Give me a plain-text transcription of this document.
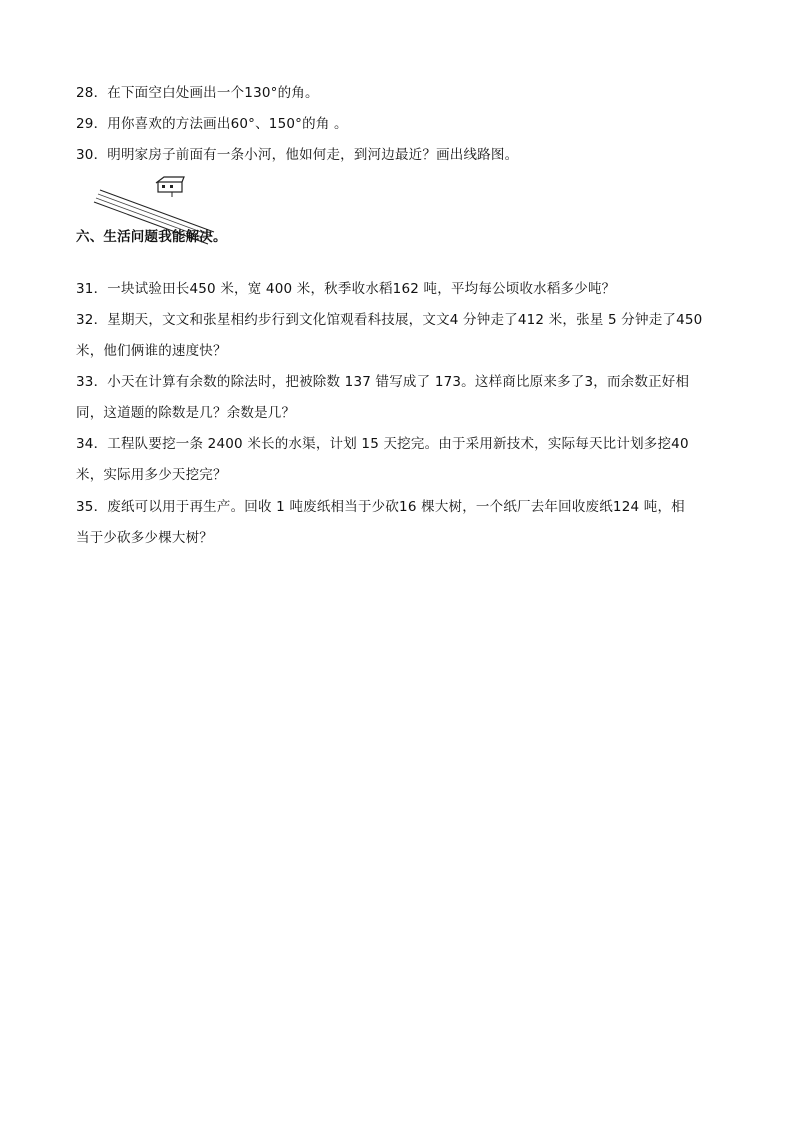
28．在下面空白处画出一个130°的角。
29．用你喜欢的方法画出60°、150°的角 。
30．明明家房子前面有一条小河，他如何走，到河边最近？画出线路图。
六、生活问题我能解决。
31．一块试验田长450 米，宽 400 米，秋季收水稻162 吨，平均每公顷收水稻多少吨？
32．星期天，文文和张星相约步行到文化馆观看科技展，文文4 分钟走了412 米，张星 5 分钟走了450
米，他们俩谁的速度快？
33．小天在计算有余数的除法时，把被除数 137 错写成了 173。这样商比原来多了3，而余数正好相
同，这道题的除数是几？余数是几？
34．工程队要挖一条 2400 米长的水渠，计划 15 天挖完。由于采用新技术，实际每天比计划多挖40
米，实际用多少天挖完？
35．废纸可以用于再生产。回收 1 吨废纸相当于少砍16 棵大树，一个纸厂去年回收废纸124 吨，相
当于少砍多少棵大树？
